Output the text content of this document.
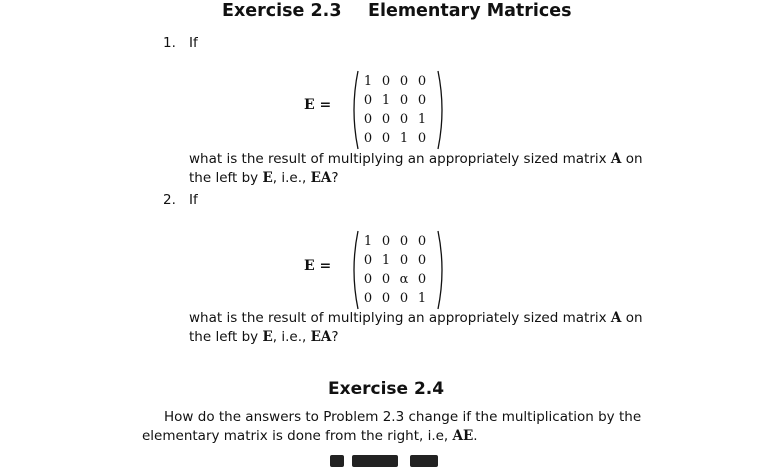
Exercise 2.3 Elementary Matrices
1. If
E =
1 0 0 0
0 1 0 0
0 0 0 1
0 0 1 0
what is the result of multiplying an appropriately sized matrix A on
the left by E, i.e., EA?
2. If
E =
1 0 0 0
0 1 0 0
0 0 α 0
0 0 0 1
what is the result of multiplying an appropriately sized matrix A on
the left by E, i.e., EA?
Exercise 2.4
How do the answers to Problem 2.3 change if the multiplication by the
elementary matrix is done from the right, i.e, AE.
